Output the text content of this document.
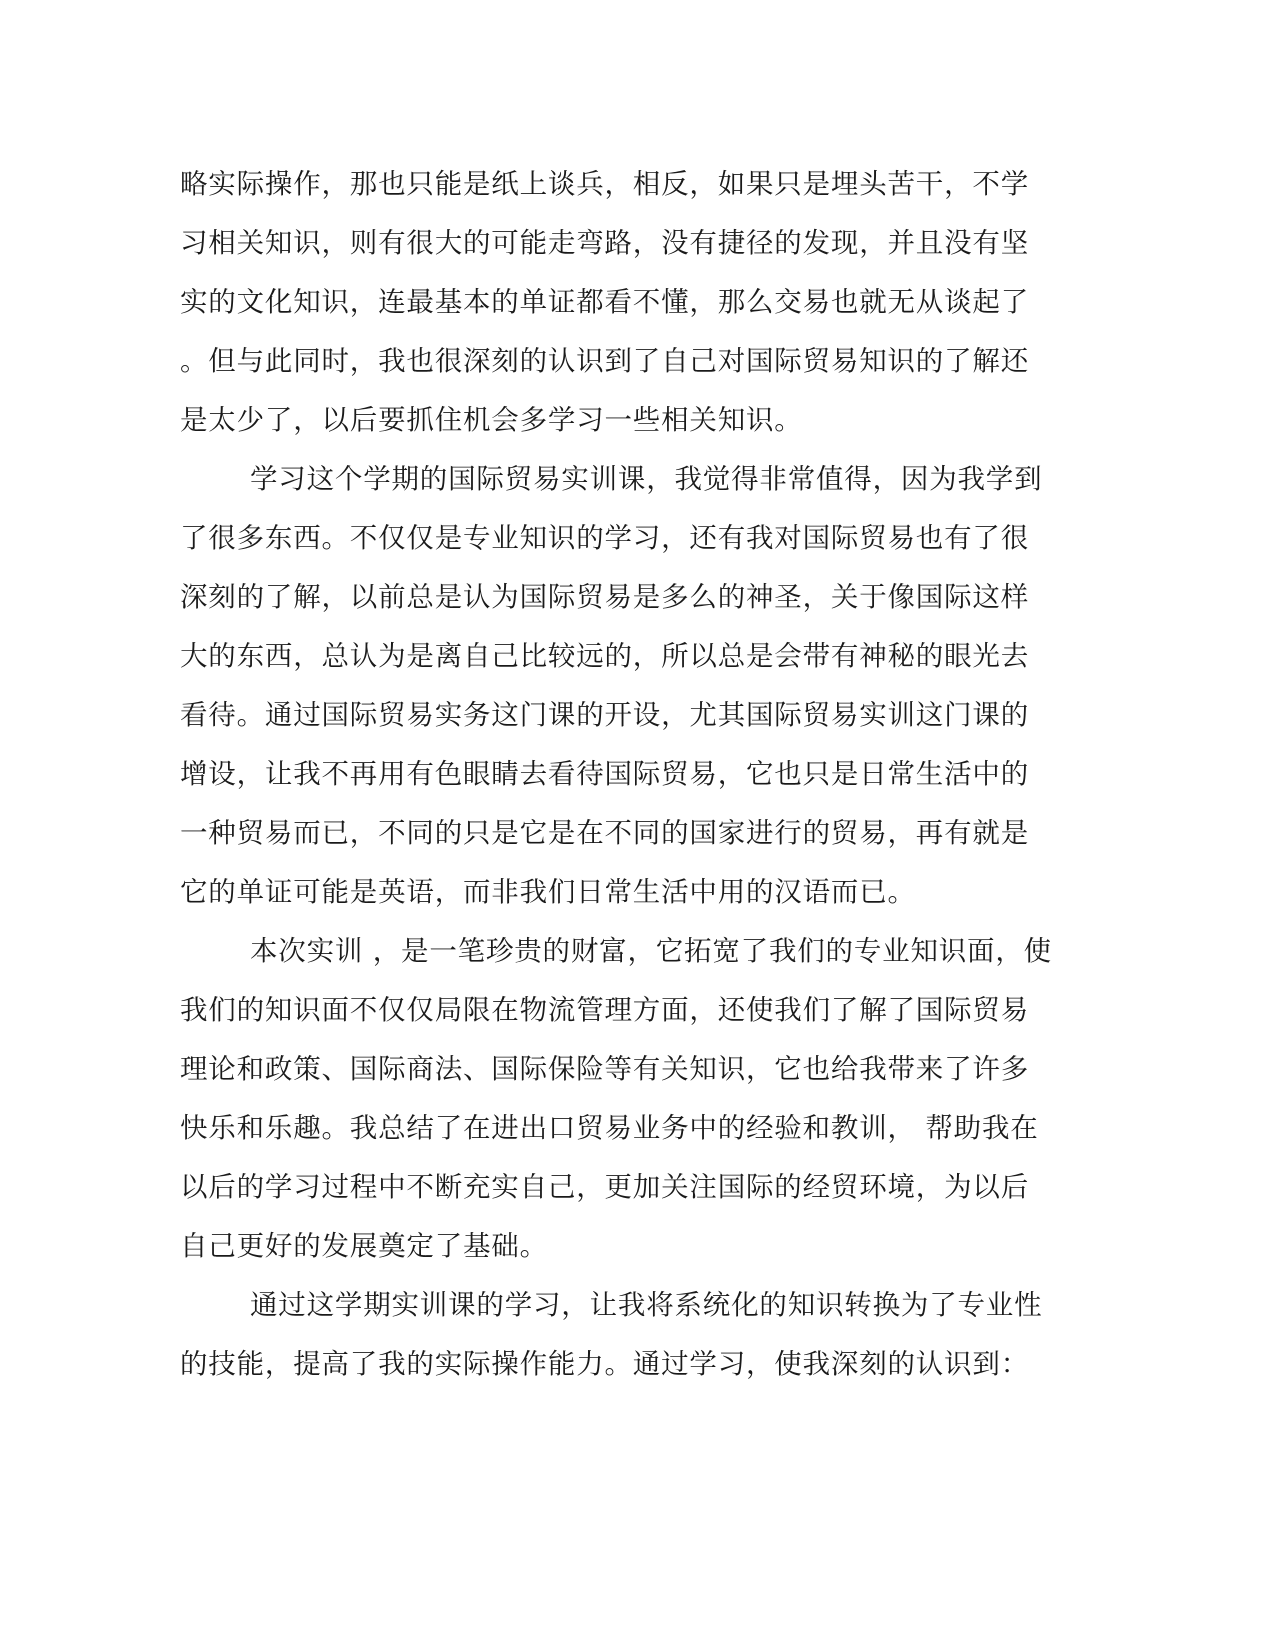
略实际操作，那也只能是纸上谈兵，相反，如果只是埋头苦干，不学
习相关知识，则有很大的可能走弯路，没有捷径的发现，并且没有坚
实的文化知识，连最基本的单证都看不懂，那么交易也就无从谈起了
。但与此同时，我也很深刻的认识到了自己对国际贸易知识的了解还
是太少了，以后要抓住机会多学习一些相关知识。
学习这个学期的国际贸易实训课，我觉得非常值得，因为我学到
了很多东西。不仅仅是专业知识的学习，还有我对国际贸易也有了很
深刻的了解，以前总是认为国际贸易是多么的神圣，关于像国际这样
大的东西，总认为是离自己比较远的，所以总是会带有神秘的眼光去
看待。通过国际贸易实务这门课的开设，尤其国际贸易实训这门课的
增设，让我不再用有色眼睛去看待国际贸易，它也只是日常生活中的
一种贸易而已，不同的只是它是在不同的国家进行的贸易，再有就是
它的单证可能是英语，而非我们日常生活中用的汉语而已。
本次实训 ，是一笔珍贵的财富，它拓宽了我们的专业知识面，使
我们的知识面不仅仅局限在物流管理方面，还使我们了解了国际贸易
理论和政策、国际商法、国际保险等有关知识，它也给我带来了许多
快乐和乐趣。我总结了在进出口贸易业务中的经验和教训， 帮助我在
以后的学习过程中不断充实自己，更加关注国际的经贸环境，为以后
自己更好的发展奠定了基础。
通过这学期实训课的学习，让我将系统化的知识转换为了专业性
的技能，提高了我的实际操作能力。通过学习，使我深刻的认识到：
